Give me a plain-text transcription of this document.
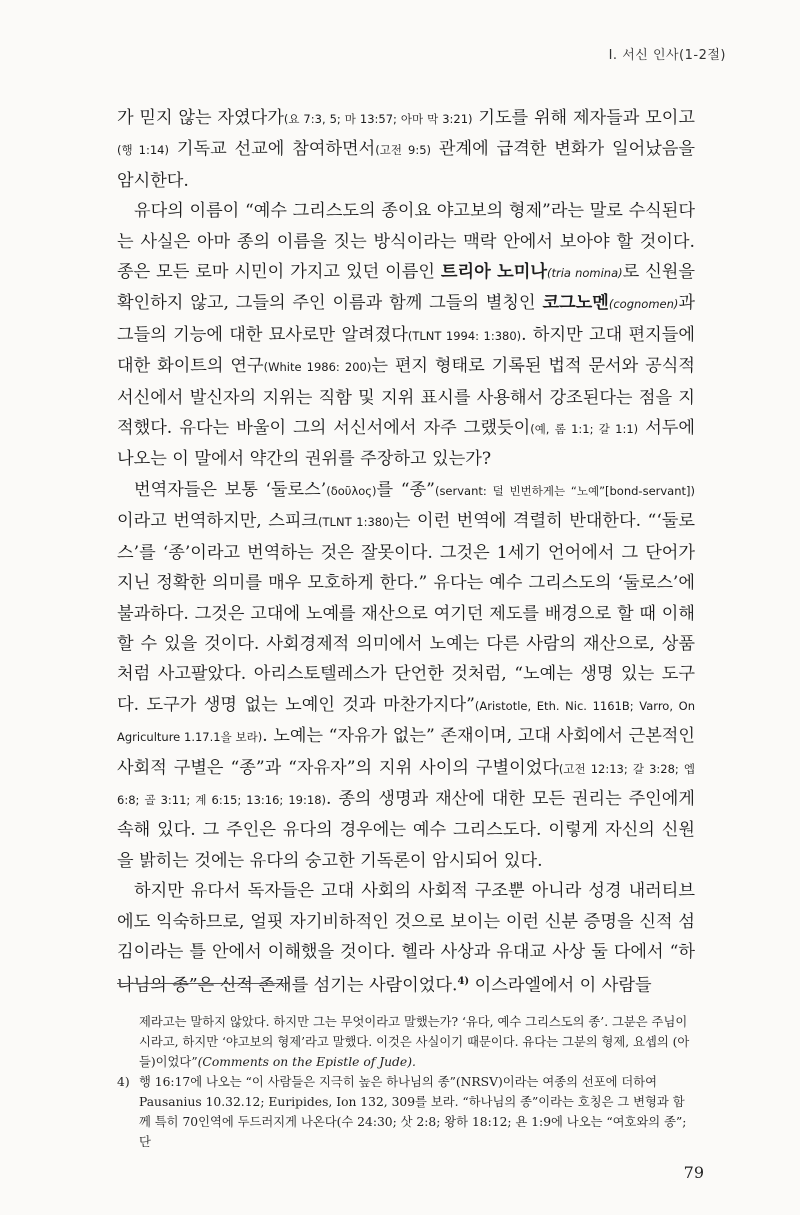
I. 서신 인사(1-2절)

가 믿지 않는 자였다가(요 7:3, 5; 마 13:57; 아마 막 3:21) 기도를 위해 제자들과 모이고(행 1:14) 기독교 선교에 참여하면서(고전 9:5) 관계에 급격한 변화가 일어났음을 암시한다.

유다의 이름이 “예수 그리스도의 종이요 야고보의 형제”라는 말로 수식된다는 사실은 아마 종의 이름을 짓는 방식이라는 맥락 안에서 보아야 할 것이다. 종은 모든 로마 시민이 가지고 있던 이름인 트리아 노미나(tria nomina)로 신원을 확인하지 않고, 그들의 주인 이름과 함께 그들의 별칭인 코그노멘(cognomen)과 그들의 기능에 대한 묘사로만 알려졌다(TLNT 1994: 1:380). 하지만 고대 편지들에 대한 화이트의 연구(White 1986: 200)는 편지 형태로 기록된 법적 문서와 공식적 서신에서 발신자의 지위는 직함 및 지위 표시를 사용해서 강조된다는 점을 지적했다. 유다는 바울이 그의 서신서에서 자주 그랬듯이(예, 롬 1:1; 갈 1:1) 서두에 나오는 이 말에서 약간의 권위를 주장하고 있는가?

번역자들은 보통 ‘둘로스’(δοῦλος)를 “종”(servant: 덜 빈번하게는 “노예”[bond-servant])이라고 번역하지만, 스피크(TLNT 1:380)는 이런 번역에 격렬히 반대한다. “‘둘로스’를 ‘종’이라고 번역하는 것은 잘못이다. 그것은 1세기 언어에서 그 단어가 지닌 정확한 의미를 매우 모호하게 한다.” 유다는 예수 그리스도의 ‘둘로스’에 불과하다. 그것은 고대에 노예를 재산으로 여기던 제도를 배경으로 할 때 이해할 수 있을 것이다. 사회경제적 의미에서 노예는 다른 사람의 재산으로, 상품처럼 사고팔았다. 아리스토텔레스가 단언한 것처럼, “노예는 생명 있는 도구다. 도구가 생명 없는 노예인 것과 마찬가지다”(Aristotle, Eth. Nic. 1161B; Varro, On Agriculture 1.17.1을 보라). 노예는 “자유가 없는” 존재이며, 고대 사회에서 근본적인 사회적 구별은 “종”과 “자유자”의 지위 사이의 구별이었다(고전 12:13; 갈 3:28; 엡 6:8; 골 3:11; 계 6:15; 13:16; 19:18). 종의 생명과 재산에 대한 모든 권리는 주인에게 속해 있다. 그 주인은 유다의 경우에는 예수 그리스도다. 이렇게 자신의 신원을 밝히는 것에는 유다의 숭고한 기독론이 암시되어 있다.

하지만 유다서 독자들은 고대 사회의 사회적 구조뿐 아니라 성경 내러티브에도 익숙하므로, 얼핏 자기비하적인 것으로 보이는 이런 신분 증명을 신적 섬김이라는 틀 안에서 이해했을 것이다. 헬라 사상과 유대교 사상 둘 다에서 “하나님의 종”은 신적 존재를 섬기는 사람이었다.$^{4)}$ 이스라엘에서 이 사람들

제라고는 말하지 않았다. 하지만 그는 무엇이라고 말했는가? ‘유다, 예수 그리스도의 종’. 그분은 주님이시라고, 하지만 ‘야고보의 형제’라고 말했다. 이것은 사실이기 때문이다. 유다는 그분의 형제, 요셉의 (아들)이었다”(Comments on the Epistle of Jude).

4) 행 16:17에 나오는 “이 사람들은 지극히 높은 하나님의 종”(NRSV)이라는 여종의 선포에 더하여 Pausanius 10.32.12; Euripides, Ion 132, 309를 보라. “하나님의 종”이라는 호칭은 그 변형과 함께 특히 70인역에 두드러지게 나온다(수 24:30; 삿 2:8; 왕하 18:12; 욘 1:9에 나오는 “여호와의 종”; 단
79
